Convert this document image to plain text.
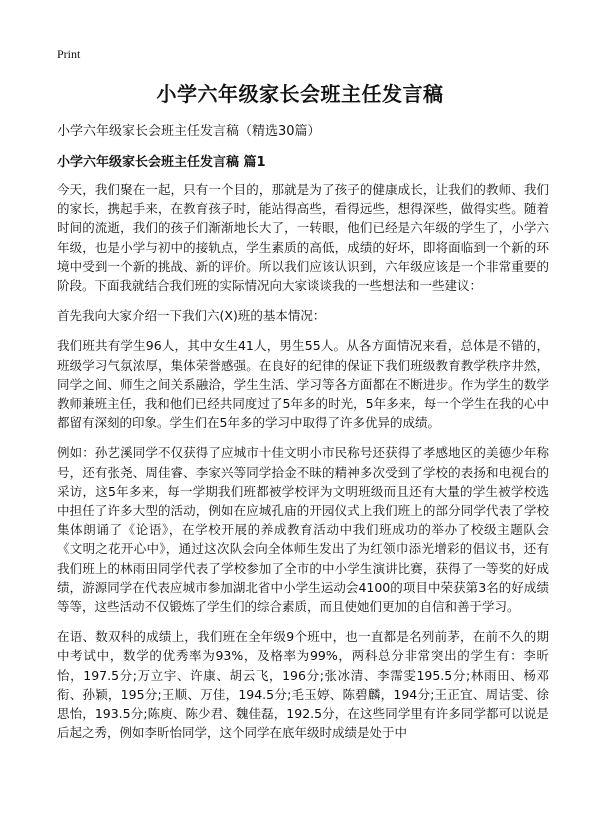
Print
小学六年级家长会班主任发言稿
小学六年级家长会班主任发言稿（精选30篇）
小学六年级家长会班主任发言稿 篇1

今天，我们聚在一起，只有一个目的，那就是为了孩子的健康成长，让我们的教师、我们的家长，携起手来，在教育孩子时，能站得高些，看得远些，想得深些，做得实些。随着时间的流逝，我们的孩子们渐渐地长大了，一转眼，他们已经是六年级的学生了，小学六年级，也是小学与初中的接轨点，学生素质的高低，成绩的好坏，即将面临到一个新的环境中受到一个新的挑战、新的评价。所以我们应该认识到，六年级应该是一个非常重要的阶段。下面我就结合我们班的实际情况向大家谈谈我的一些想法和一些建议：

首先我向大家介绍一下我们六(X)班的基本情况：

我们班共有学生96人，其中女生41人，男生55人。从各方面情况来看，总体是不错的，班级学习气氛浓厚，集体荣誉感强。在良好的纪律的保证下我们班级教育教学秩序井然，同学之间、师生之间关系融洽，学生生活、学习等各方面都在不断进步。作为学生的数学教师兼班主任，我和他们已经共同度过了5年多的时光，5年多来，每一个学生在我的心中都留有深刻的印象。学生们在5年多的学习中取得了许多优异的成绩。

例如：孙艺溪同学不仅获得了应城市十佳文明小市民称号还获得了孝感地区的美德少年称号，还有张尧、周佳睿、李家兴等同学拾金不昧的精神多次受到了学校的表扬和电视台的采访，这5年多来，每一学期我们班都被学校评为文明班级而且还有大量的学生被学校选中担任了许多大型的活动，例如在应城孔庙的开园仪式上我们班上的部分同学代表了学校集体朗诵了《论语》，在学校开展的养成教育活动中我们班成功的举办了校级主题队会《文明之花开心中》，通过这次队会向全体师生发出了为红领巾添光增彩的倡议书，还有我们班上的林雨田同学代表了学校参加了全市的中小学生演讲比赛，获得了一等奖的好成绩，游源同学在代表应城市参加湖北省中小学生运动会4100的项目中荣获第3名的好成绩等等，这些活动不仅锻炼了学生们的综合素质，而且使她们更加的自信和善于学习。

在语、数双科的成绩上，我们班在全年级9个班中，也一直都是名列前茅，在前不久的期中考试中，数学的优秀率为93%，及格率为99%，两科总分非常突出的学生有：李昕怡，197.5分;万立宇、许康、胡云飞，196分;张冰清、李霈雯195.5分;林雨田、杨邓衔、孙颖，195分;王顺、万佳，194.5分;毛玉婷、陈碧麟，194分;王正宜、周诘雯、徐思怡，193.5分;陈庾、陈少君、魏佳磊，192.5分，在这些同学里有许多同学都可以说是后起之秀，例如李昕怡同学，这个同学在底年级时成绩是处于中
